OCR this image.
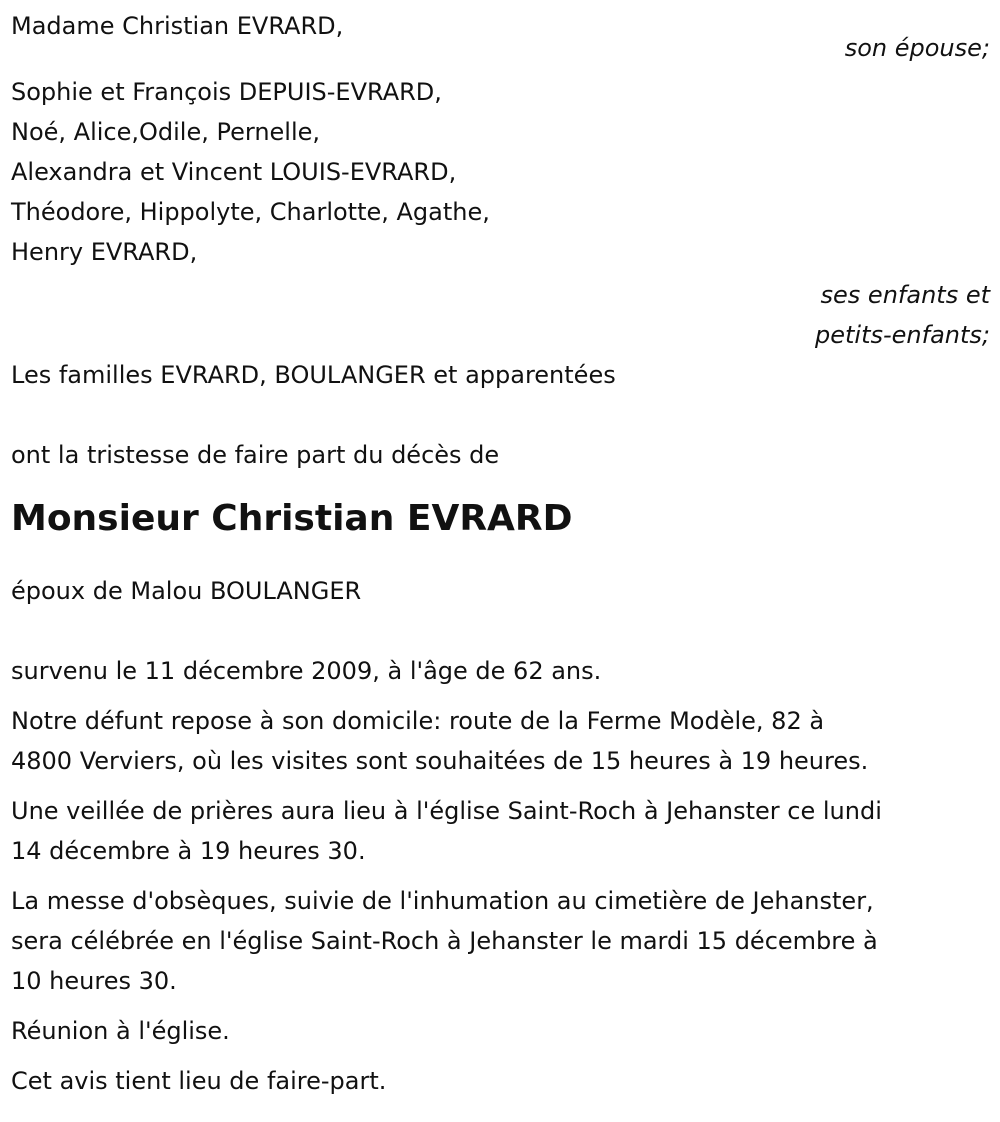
Madame Christian EVRARD,
son épouse;
Sophie et François DEPUIS-EVRARD,
Noé, Alice,Odile, Pernelle,
Alexandra et Vincent LOUIS-EVRARD,
Théodore, Hippolyte, Charlotte, Agathe,
Henry EVRARD,
ses enfants et
petits-enfants;
Les familles EVRARD, BOULANGER et apparentées
ont la tristesse de faire part du décès de
Monsieur Christian EVRARD
époux de Malou BOULANGER
survenu le 11 décembre 2009, à l'âge de 62 ans.
Notre défunt repose à son domicile: route de la Ferme Modèle, 82 à
4800 Verviers, où les visites sont souhaitées de 15 heures à 19 heures.
Une veillée de prières aura lieu à l'église Saint-Roch à Jehanster ce lundi
14 décembre à 19 heures 30.
La messe d'obsèques, suivie de l'inhumation au cimetière de Jehanster,
sera célébrée en l'église Saint-Roch à Jehanster le mardi 15 décembre à
10 heures 30.
Réunion à l'église.
Cet avis tient lieu de faire-part.
